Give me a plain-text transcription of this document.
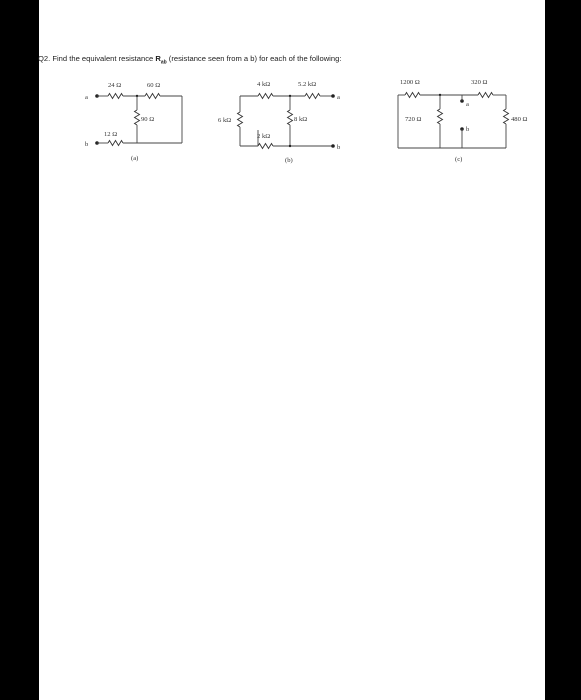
Q2. Find the equivalent resistance $R_{ab}$ (resistance seen from a b) for each of the following:
24 Ω	60 Ω
90 Ω
12 Ω
a
b
(a)
4 kΩ	5.2 kΩ
6 kΩ	8 kΩ
2 kΩ
a
b
(b)
1200 Ω	320 Ω
720 Ω	480 Ω
a
b
(c)
